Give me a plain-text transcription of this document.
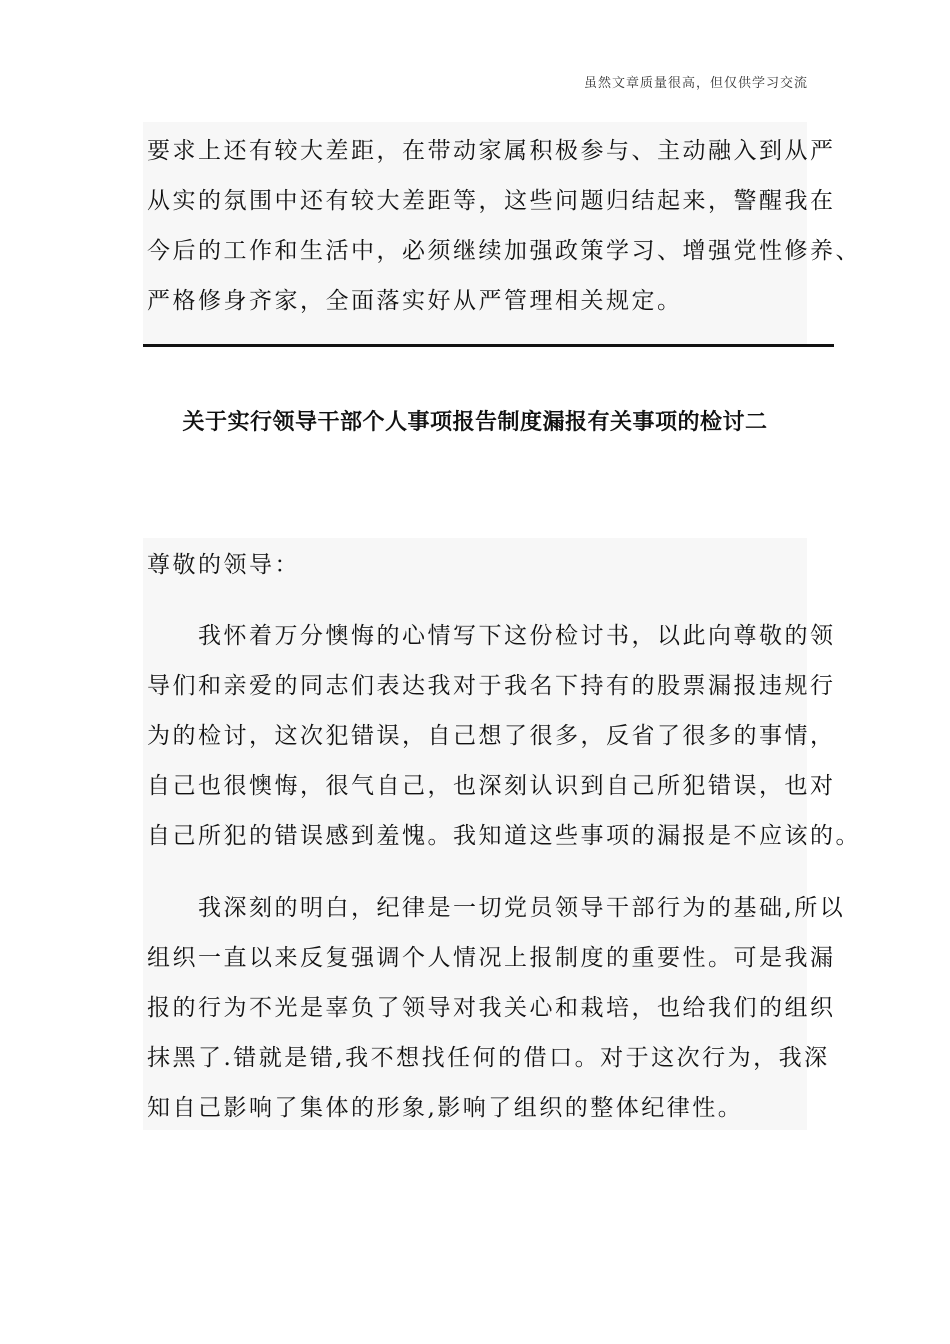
虽然文章质量很高，但仅供学习交流
要求上还有较大差距，在带动家属积极参与、主动融入到从严
从实的氛围中还有较大差距等，这些问题归结起来，警醒我在
今后的工作和生活中，必须继续加强政策学习、增强党性修养、
严格修身齐家，全面落实好从严管理相关规定。
关于实行领导干部个人事项报告制度漏报有关事项的检讨二
尊敬的领导：
　　我怀着万分懊悔的心情写下这份检讨书，以此向尊敬的领
导们和亲爱的同志们表达我对于我名下持有的股票漏报违规行
为的检讨，这次犯错误，自己想了很多，反省了很多的事情，
自己也很懊悔，很气自己，也深刻认识到自己所犯错误，也对
自己所犯的错误感到羞愧。我知道这些事项的漏报是不应该的。
　　我深刻的明白，纪律是一切党员领导干部行为的基础,所以
组织一直以来反复强调个人情况上报制度的重要性。可是我漏
报的行为不光是辜负了领导对我关心和栽培，也给我们的组织
抹黑了.错就是错,我不想找任何的借口。对于这次行为，我深
知自己影响了集体的形象,影响了组织的整体纪律性。
